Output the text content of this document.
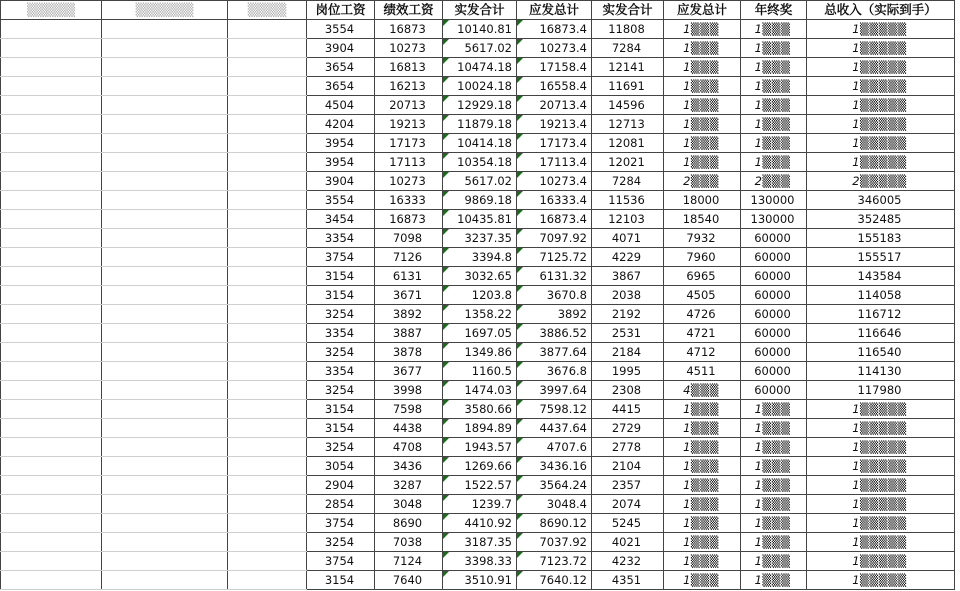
▒▒▒▒▒	▒▒▒▒▒▒	▒▒▒▒	岗位工资	绩效工资	实发合计	应发总计	实发合计	应发总计	年终奖	总收入（实际到手）
			3554	16873	10140.81	16873.4	11808	1▒▒▒	1▒▒▒	1▒▒▒▒▒
			3904	10273	5617.02	10273.4	7284	1▒▒▒	1▒▒▒	1▒▒▒▒▒
			3654	16813	10474.18	17158.4	12141	1▒▒▒	1▒▒▒	1▒▒▒▒▒
			3654	16213	10024.18	16558.4	11691	1▒▒▒	1▒▒▒	1▒▒▒▒▒
			4504	20713	12929.18	20713.4	14596	1▒▒▒	1▒▒▒	1▒▒▒▒▒
			4204	19213	11879.18	19213.4	12713	1▒▒▒	1▒▒▒	1▒▒▒▒▒
			3954	17173	10414.18	17173.4	12081	1▒▒▒	1▒▒▒	1▒▒▒▒▒
			3954	17113	10354.18	17113.4	12021	1▒▒▒	1▒▒▒	1▒▒▒▒▒
			3904	10273	5617.02	10273.4	7284	2▒▒▒	2▒▒▒	2▒▒▒▒▒
			3554	16333	9869.18	16333.4	11536	18000	130000	346005
			3454	16873	10435.81	16873.4	12103	18540	130000	352485
			3354	7098	3237.35	7097.92	4071	7932	60000	155183
			3754	7126	3394.8	7125.72	4229	7960	60000	155517
			3154	6131	3032.65	6131.32	3867	6965	60000	143584
			3154	3671	1203.8	3670.8	2038	4505	60000	114058
			3254	3892	1358.22	3892	2192	4726	60000	116712
			3354	3887	1697.05	3886.52	2531	4721	60000	116646
			3254	3878	1349.86	3877.64	2184	4712	60000	116540
			3354	3677	1160.5	3676.8	1995	4511	60000	114130
			3254	3998	1474.03	3997.64	2308	4▒▒▒	60000	117980
			3154	7598	3580.66	7598.12	4415	1▒▒▒	1▒▒▒	1▒▒▒▒▒
			3154	4438	1894.89	4437.64	2729	1▒▒▒	1▒▒▒	1▒▒▒▒▒
			3254	4708	1943.57	4707.6	2778	1▒▒▒	1▒▒▒	1▒▒▒▒▒
			3054	3436	1269.66	3436.16	2104	1▒▒▒	1▒▒▒	1▒▒▒▒▒
			2904	3287	1522.57	3564.24	2357	1▒▒▒	1▒▒▒	1▒▒▒▒▒
			2854	3048	1239.7	3048.4	2074	1▒▒▒	1▒▒▒	1▒▒▒▒▒
			3754	8690	4410.92	8690.12	5245	1▒▒▒	1▒▒▒	1▒▒▒▒▒
			3254	7038	3187.35	7037.92	4021	1▒▒▒	1▒▒▒	1▒▒▒▒▒
			3754	7124	3398.33	7123.72	4232	1▒▒▒	1▒▒▒	1▒▒▒▒▒
			3154	7640	3510.91	7640.12	4351	1▒▒▒	1▒▒▒	1▒▒▒▒▒
